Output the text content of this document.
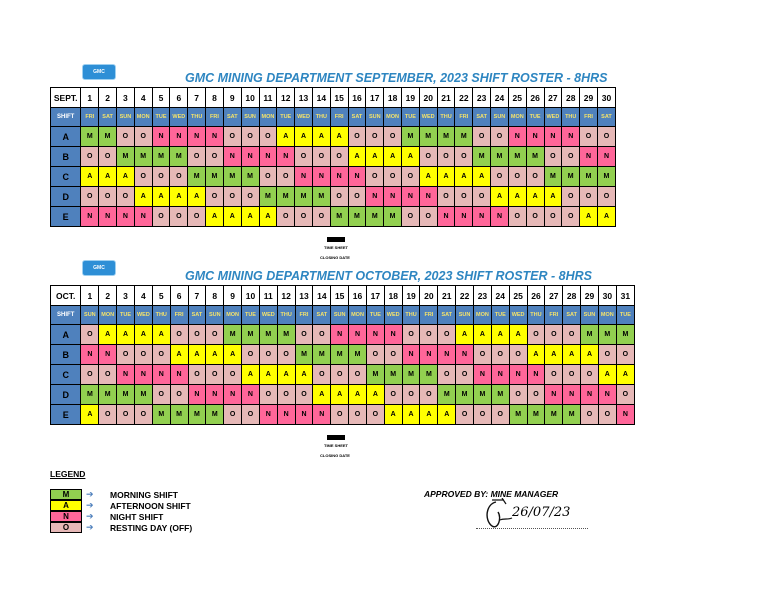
GMC	GMC MINING DEPARTMENT SEPTEMBER, 2023 SHIFT ROSTER - 8HRS
SEPT.	1	2	3	4	5	6	7	8	9	10	11	12	13	14	15	16	17	18	19	20	21	22	23	24	25	26	27	28	29	30
SHIFT	FRI	SAT	SUN	MON	TUE	WED	THU	FRI	SAT	SUN	MON	TUE	WED	THU	FRI	SAT	SUN	MON	TUE	WED	THU	FRI	SAT	SUN	MON	TUE	WED	THU	FRI	SAT
A	M	M	O	O	N	N	N	N	O	O	O	A	A	A	A	O	O	O	M	M	M	M	O	O	N	N	N	N	O	O
B	O	O	M	M	M	M	O	O	N	N	N	N	O	O	O	A	A	A	A	O	O	O	M	M	M	M	O	O	N	N
C	A	A	A	O	O	O	M	M	M	M	O	O	N	N	N	N	O	O	O	A	A	A	A	O	O	O	M	M	M	M
D	O	O	O	A	A	A	A	O	O	O	M	M	M	M	O	O	N	N	N	N	O	O	O	A	A	A	A	O	O	O
E	N	N	N	N	O	O	O	A	A	A	A	O	O	O	M	M	M	M	O	O	N	N	N	N	O	O	O	O	A	A
TIME SHEET
CLOSING DATE
GMC
GMC MINING DEPARTMENT OCTOBER, 2023 SHIFT ROSTER - 8HRS
OCT.	1	2	3	4	5	6	7	8	9	10	11	12	13	14	15	16	17	18	19	20	21	22	23	24	25	26	27	28	29	30	31
SHIFT	SUN	MON	TUE	WED	THU	FRI	SAT	SUN	MON	TUE	WED	THU	FRI	SAT	SUN	MON	TUE	WED	THU	FRI	SAT	SUN	MON	TUE	WED	THU	FRI	SAT	SUN	MON	TUE
A	O	A	A	A	A	O	O	O	M	M	M	M	O	O	N	N	N	N	O	O	O	A	A	A	A	O	O	O	M	M	M
B	N	N	O	O	O	A	A	A	A	O	O	O	M	M	M	M	O	O	N	N	N	N	O	O	O	A	A	A	A	O	O
C	O	O	N	N	N	N	O	O	O	A	A	A	A	O	O	O	M	M	M	M	O	O	N	N	N	N	O	O	O	A	A
D	M	M	M	M	O	O	N	N	N	N	O	O	O	A	A	A	A	O	O	O	M	M	M	M	O	O	N	N	N	N	O
E	A	O	O	O	M	M	M	M	O	O	N	N	N	N	O	O	O	A	A	A	A	O	O	O	M	M	M	M	O	O	N
TIME SHEET
CLOSING DATE
LEGEND
M	➔ MORNING SHIFT
A	➔ AFTERNOON SHIFT
N	➔ NIGHT SHIFT
O	➔ RESTING DAY (OFF)
APPROVED BY: MINE MANAGER
26/07/23
